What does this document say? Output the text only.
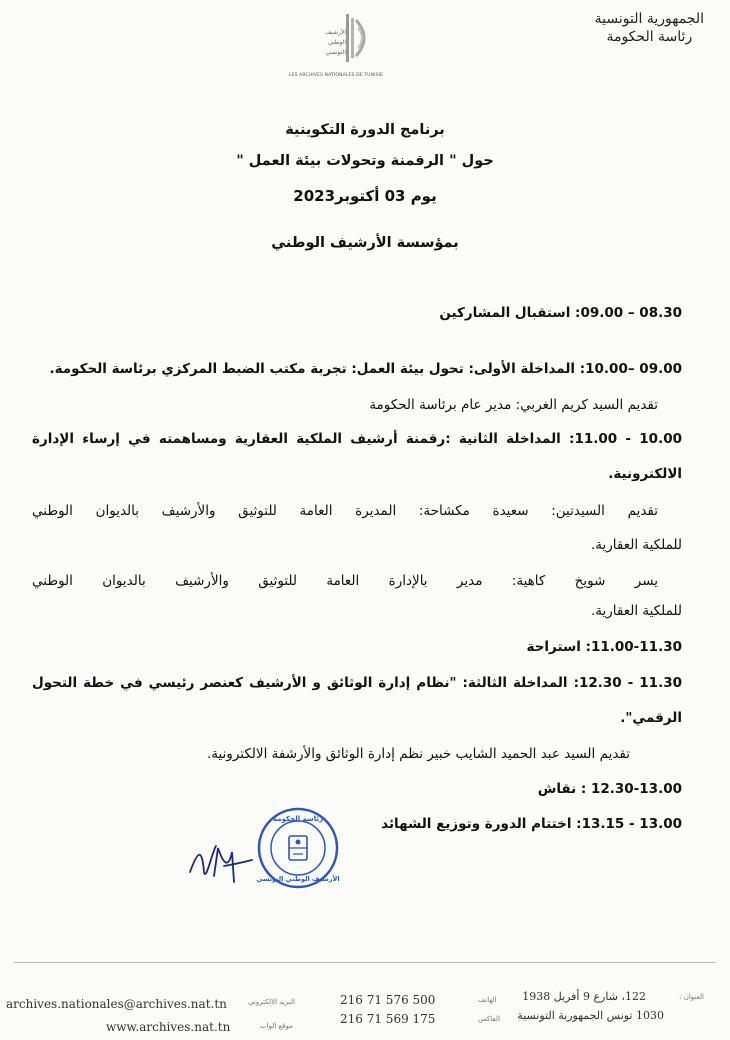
الجمهورية التونسية
رئاسة الحكومة
الأرشيف
الوطني
التونسي
LES ARCHIVES NATIONALES DE TUNISIE
برنامج الدورة التكوينية
حول " الرقمنة وتحولات بيئة العمل "
يوم 03 أكتوبر2023
بمؤسسة الأرشيف الوطني
08.30 – 09.00: استقبال المشاركين
09.00 –10.00: المداخلة الأولى: تحول بيئة العمل: تجربة مكتب الضبط المركزي برئاسة الحكومة.
تقديم السيد كريم الغربي: مدير عام برئاسة الحكومة
10.00 - 11.00: المداخلة الثانية :رقمنة أرشيف الملكية العقارية ومساهمته في إرساء الإدارة
الالكترونية.
تقديم السيدتين: سعيدة مكشاحة: المديرة العامة للتوثيق والأرشيف بالديوان الوطني
للملكية العقارية.
يسر شويخ كاهية: مدير بالإدارة العامة للتوثيق والأرشيف بالديوان الوطني
للملكية العقارية.
11.00-11.30: استراحة
11.30 - 12.30: المداخلة الثالثة: "نظام إدارة الوثائق و الأرشيف كعنصر رئيسي في خطة التحول
الرقمي".
تقديم السيد عبد الحميد الشايب خبير نظم إدارة الوثائق والأرشفة الالكترونية.
12.30-13.00 : نقاش
13.00 - 13.15: اختتام الدورة وتوزيع الشهائد
رئاسة الحكومة
الأرشيف الوطني التونسي
archives.nationales@archives.nat.tn	البريد الالكتروني
www.archives.nat.tn	موقع الواب
216 71 576 500	الهاتف
216 71 569 175	الفاكس
122، شارع 9 أفريل 1938	العنوان :
1030 تونس الجمهورية التونسية
